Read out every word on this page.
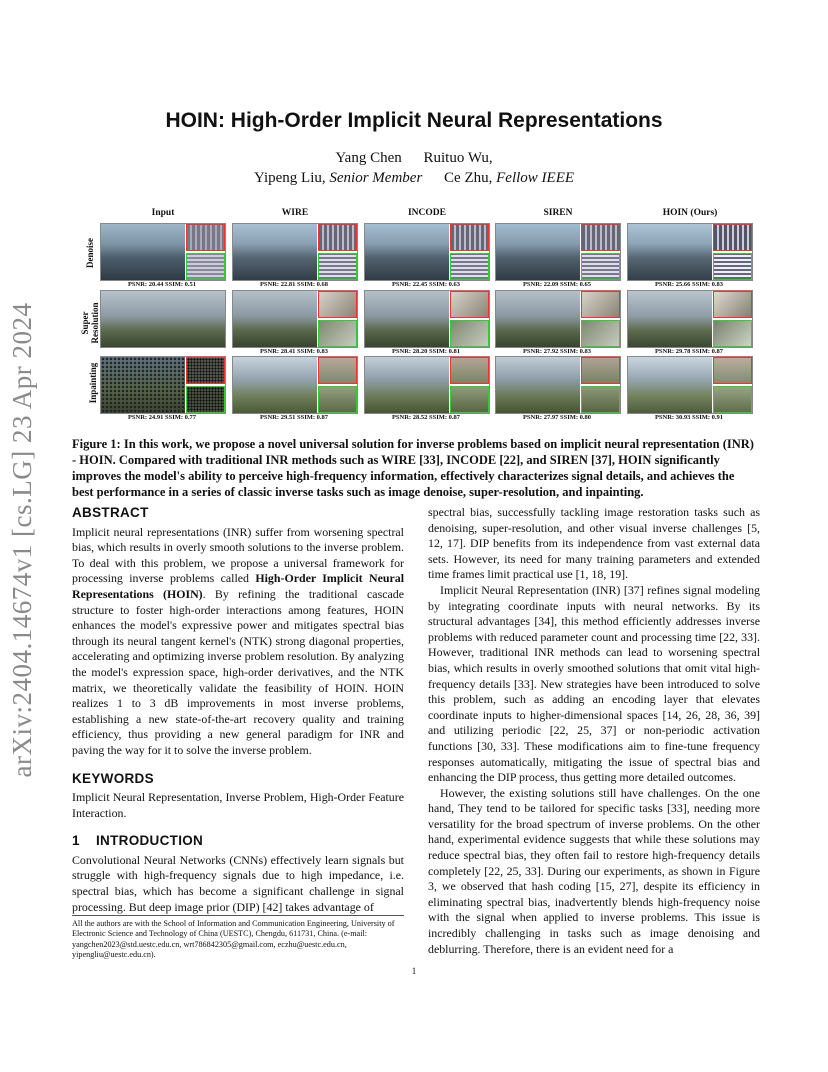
arXiv:2404.14674v1 [cs.LG] 23 Apr 2024
HOIN: High-Order Implicit Neural Representations
Yang Chen Ruituo Wu,
Yipeng Liu, Senior Member Ce Zhu, Fellow IEEE
Input	WIRE	INCODE	SIREN	HOIN (Ours)
Denoise
Super Resolution
Inpainting
PSNR: 20.44 SSIM: 0.51	PSNR: 22.81 SSIM: 0.68	PSNR: 22.45 SSIM: 0.63	PSNR: 22.09 SSIM: 0.65	PSNR: 25.66 SSIM: 0.83
PSNR: 28.41 SSIM: 0.83	PSNR: 28.20 SSIM: 0.81	PSNR: 27.92 SSIM: 0.83	PSNR: 29.78 SSIM: 0.87
PSNR: 24.91 SSIM: 0.77	PSNR: 29.51 SSIM: 0.87	PSNR: 28.52 SSIM: 0.87	PSNR: 27.97 SSIM: 0.80	PSNR: 30.93 SSIM: 0.91
Figure 1: In this work, we propose a novel universal solution for inverse problems based on implicit neural representation (INR) - HOIN. Compared with traditional INR methods such as WIRE [33], INCODE [22], and SIREN [37], HOIN significantly improves the model's ability to perceive high-frequency information, effectively characterizes signal details, and achieves the best performance in a series of classic inverse tasks such as image denoise, super-resolution, and inpainting.
ABSTRACT

Implicit neural representations (INR) suffer from worsening spectral bias, which results in overly smooth solutions to the inverse problem. To deal with this problem, we propose a universal framework for processing inverse problems called High-Order Implicit Neural Representations (HOIN). By refining the traditional cascade structure to foster high-order interactions among features, HOIN enhances the model's expressive power and mitigates spectral bias through its neural tangent kernel's (NTK) strong diagonal properties, accelerating and optimizing inverse problem resolution. By analyzing the model's expression space, high-order derivatives, and the NTK matrix, we theoretically validate the feasibility of HOIN. HOIN realizes 1 to 3 dB improvements in most inverse problems, establishing a new state-of-the-art recovery quality and training efficiency, thus providing a new general paradigm for INR and paving the way for it to solve the inverse problem.

KEYWORDS

Implicit Neural Representation, Inverse Problem, High-Order Feature Interaction.

1    INTRODUCTION

Convolutional Neural Networks (CNNs) effectively learn signals but struggle with high-frequency signals due to high impedance, i.e. spectral bias, which has become a significant challenge in signal processing. But deep image prior (DIP) [42] takes advantage of

All the authors are with the School of Information and Communication Engineering, University of Electronic Science and Technology of China (UESTC), Chengdu, 611731, China. (e-mail: yangchen2023@std.uestc.edu.cn, wrt786842305@gmail.com, eczhu@uestc.edu.cn, yipengliu@uestc.edu.cn).

spectral bias, successfully tackling image restoration tasks such as denoising, super-resolution, and other visual inverse challenges [5, 12, 17]. DIP benefits from its independence from vast external data sets. However, its need for many training parameters and extended time frames limit practical use [1, 18, 19].

Implicit Neural Representation (INR) [37] refines signal modeling by integrating coordinate inputs with neural networks. By its structural advantages [34], this method efficiently addresses inverse problems with reduced parameter count and processing time [22, 33]. However, traditional INR methods can lead to worsening spectral bias, which results in overly smoothed solutions that omit vital high-frequency details [33]. New strategies have been introduced to solve this problem, such as adding an encoding layer that elevates coordinate inputs to higher-dimensional spaces [14, 26, 28, 36, 39] and utilizing periodic [22, 25, 37] or non-periodic activation functions [30, 33]. These modifications aim to fine-tune frequency responses automatically, mitigating the issue of spectral bias and enhancing the DIP process, thus getting more detailed outcomes.

However, the existing solutions still have challenges. On the one hand, They tend to be tailored for specific tasks [33], needing more versatility for the broad spectrum of inverse problems. On the other hand, experimental evidence suggests that while these solutions may reduce spectral bias, they often fail to restore high-frequency details completely [22, 25, 33]. During our experiments, as shown in Figure 3, we observed that hash coding [15, 27], despite its efficiency in eliminating spectral bias, inadvertently blends high-frequency noise with the signal when applied to inverse problems. This issue is incredibly challenging in tasks such as image denoising and deblurring. Therefore, there is an evident need for a

1
